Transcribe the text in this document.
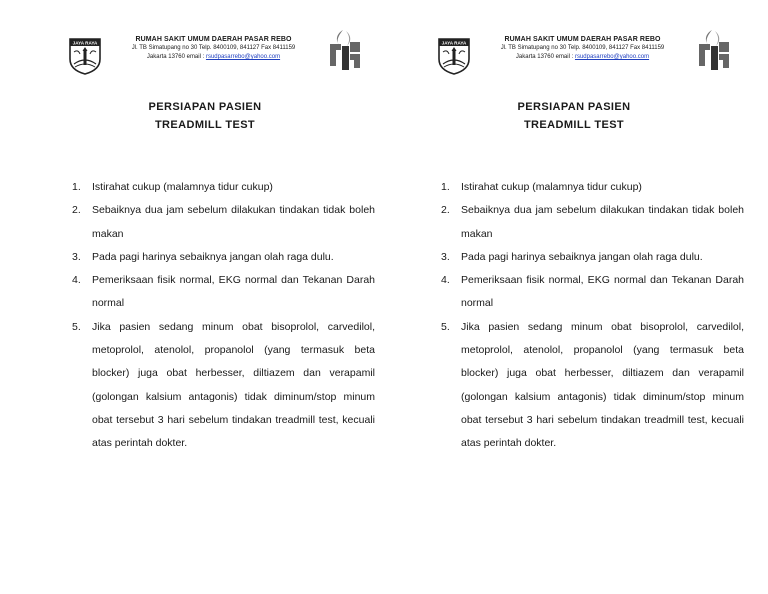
JAYA RAYA
RUMAH SAKIT UMUM DAERAH PASAR REBO
Jl. TB Simatupang no 30 Telp. 8400109, 841127 Fax 8411159
Jakarta 13760 email : rsudpasarrebo@yahoo.com
PERSIAPAN PASIEN
TREADMILL TEST
1. Istirahat cukup (malamnya tidur cukup)
2. Sebaiknya dua jam sebelum dilakukan tindakan tidak boleh makan
3. Pada pagi harinya sebaiknya jangan olah raga dulu.
4. Pemeriksaan fisik normal, EKG normal dan Tekanan Darah normal
5. Jika pasien sedang minum obat bisoprolol, carvedilol, metoprolol, atenolol, propanolol (yang termasuk beta blocker) juga obat herbesser, diltiazem dan verapamil (golongan kalsium antagonis) tidak diminum/stop minum obat tersebut 3 hari sebelum tindakan treadmill test, kecuali atas perintah dokter.
JAYA RAYA
RUMAH SAKIT UMUM DAERAH PASAR REBO
Jl. TB Simatupang no 30 Telp. 8400109, 841127 Fax 8411159
Jakarta 13760 email : rsudpasarrebo@yahoo.com
PERSIAPAN PASIEN
TREADMILL TEST
1. Istirahat cukup (malamnya tidur cukup)
2. Sebaiknya dua jam sebelum dilakukan tindakan tidak boleh makan
3. Pada pagi harinya sebaiknya jangan olah raga dulu.
4. Pemeriksaan fisik normal, EKG normal dan Tekanan Darah normal
5. Jika pasien sedang minum obat bisoprolol, carvedilol, metoprolol, atenolol, propanolol (yang termasuk beta blocker) juga obat herbesser, diltiazem dan verapamil (golongan kalsium antagonis) tidak diminum/stop minum obat tersebut 3 hari sebelum tindakan treadmill test, kecuali atas perintah dokter.
